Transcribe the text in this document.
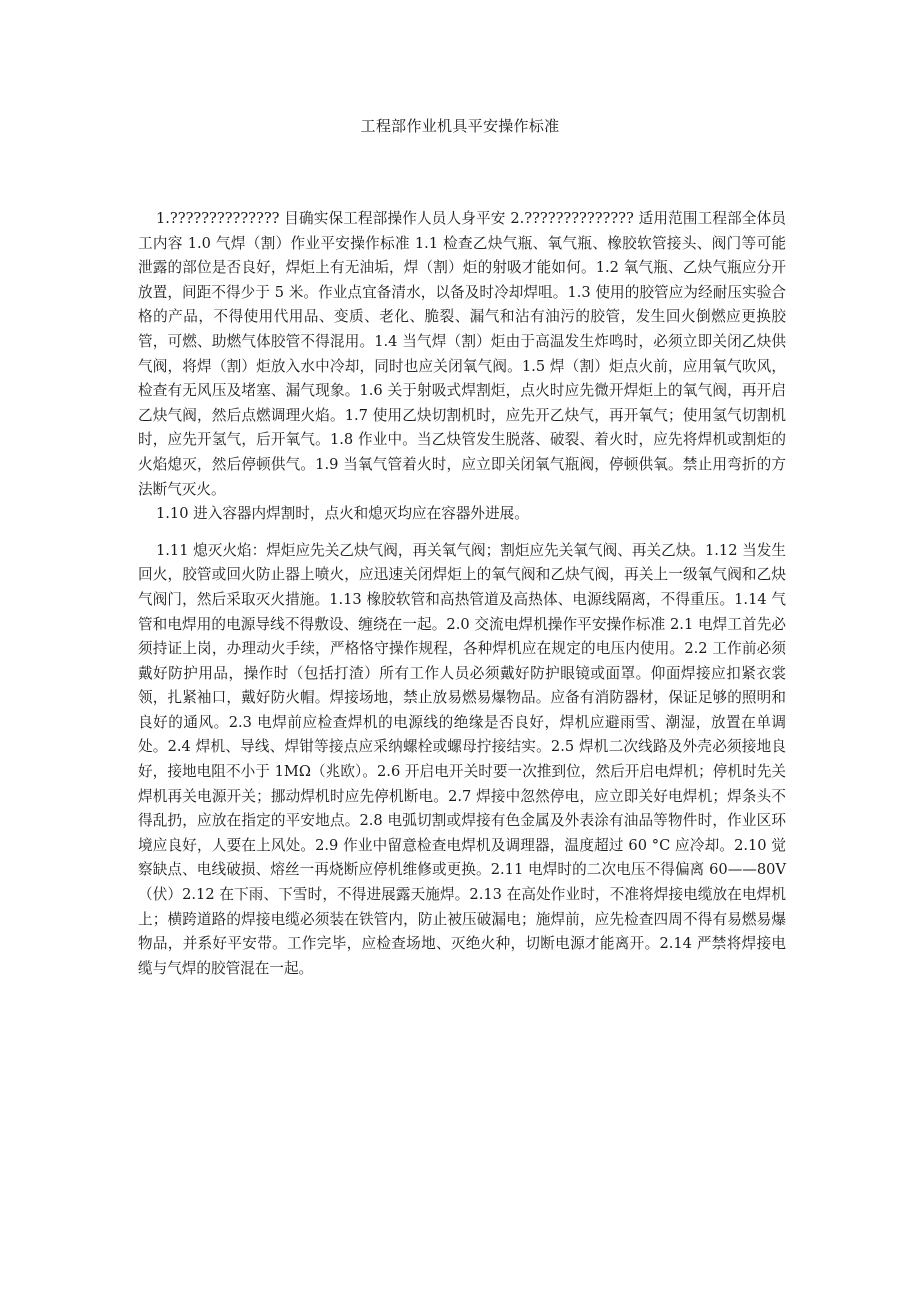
工程部作业机具平安操作标准

1.?????????????? 目确实保工程部操作人员人身平安 2.?????????????? 适用范围工程部全体员工内容 1.0 气焊（割）作业平安操作标准 1.1 检查乙炔气瓶、氧气瓶、橡胶软管接头、阀门等可能泄露的部位是否良好，焊炬上有无油垢，焊（割）炬的射吸才能如何。1.2 氧气瓶、乙炔气瓶应分开放置，间距不得少于 5 米。作业点宜备清水，以备及时冷却焊咀。1.3 使用的胶管应为经耐压实验合格的产品，不得使用代用品、变质、老化、脆裂、漏气和沾有油污的胶管，发生回火倒燃应更换胶管，可燃、助燃气体胶管不得混用。1.4 当气焊（割）炬由于高温发生炸鸣时，必须立即关闭乙炔供气阀，将焊（割）炬放入水中冷却，同时也应关闭氧气阀。1.5 焊（割）炬点火前，应用氧气吹风，检查有无风压及堵塞、漏气现象。1.6 关于射吸式焊割炬，点火时应先微开焊炬上的氧气阀，再开启乙炔气阀，然后点燃调理火焰。1.7 使用乙炔切割机时，应先开乙炔气，再开氧气；使用氢气切割机时，应先开氢气，后开氧气。1.8 作业中。当乙炔管发生脱落、破裂、着火时，应先将焊机或割炬的火焰熄灭，然后停顿供气。1.9 当氧气管着火时，应立即关闭氧气瓶阀，停顿供氧。禁止用弯折的方法断气灭火。

1.10 进入容器内焊割时，点火和熄灭均应在容器外进展。

1.11 熄灭火焰：焊炬应先关乙炔气阀，再关氧气阀；割炬应先关氧气阀、再关乙炔。1.12 当发生回火，胶管或回火防止器上喷火，应迅速关闭焊炬上的氧气阀和乙炔气阀，再关上一级氧气阀和乙炔气阀门，然后采取灭火措施。1.13 橡胶软管和高热管道及高热体、电源线隔离，不得重压。1.14 气管和电焊用的电源导线不得敷设、缠绕在一起。2.0 交流电焊机操作平安操作标准 2.1 电焊工首先必须持证上岗，办理动火手续，严格恪守操作规程，各种焊机应在规定的电压内使用。2.2 工作前必须戴好防护用品，操作时（包括打渣）所有工作人员必须戴好防护眼镜或面罩。仰面焊接应扣紧衣裳领，扎紧袖口，戴好防火帽。焊接场地，禁止放易燃易爆物品。应备有消防器材，保证足够的照明和良好的通风。2.3 电焊前应检查焊机的电源线的绝缘是否良好，焊机应避雨雪、潮湿，放置在单调处。2.4 焊机、导线、焊钳等接点应采纳螺栓或螺母拧接结实。2.5 焊机二次线路及外壳必须接地良好，接地电阻不小于 1MΩ（兆欧）。2.6 开启电开关时要一次推到位，然后开启电焊机；停机时先关焊机再关电源开关；挪动焊机时应先停机断电。2.7 焊接中忽然停电，应立即关好电焊机；焊条头不得乱扔，应放在指定的平安地点。2.8 电弧切割或焊接有色金属及外表涂有油品等物件时，作业区环境应良好，人要在上风处。2.9 作业中留意检查电焊机及调理器，温度超过 60 °C 应冷却。2.10 觉察缺点、电线破损、熔丝一再烧断应停机维修或更换。2.11 电焊时的二次电压不得偏离 60——80V（伏）2.12 在下雨、下雪时，不得进展露天施焊。2.13 在高处作业时，不准将焊接电缆放在电焊机上；横跨道路的焊接电缆必须装在铁管内，防止被压破漏电；施焊前，应先检查四周不得有易燃易爆物品，并系好平安带。工作完毕，应检查场地、灭绝火种，切断电源才能离开。2.14 严禁将焊接电缆与气焊的胶管混在一起。
